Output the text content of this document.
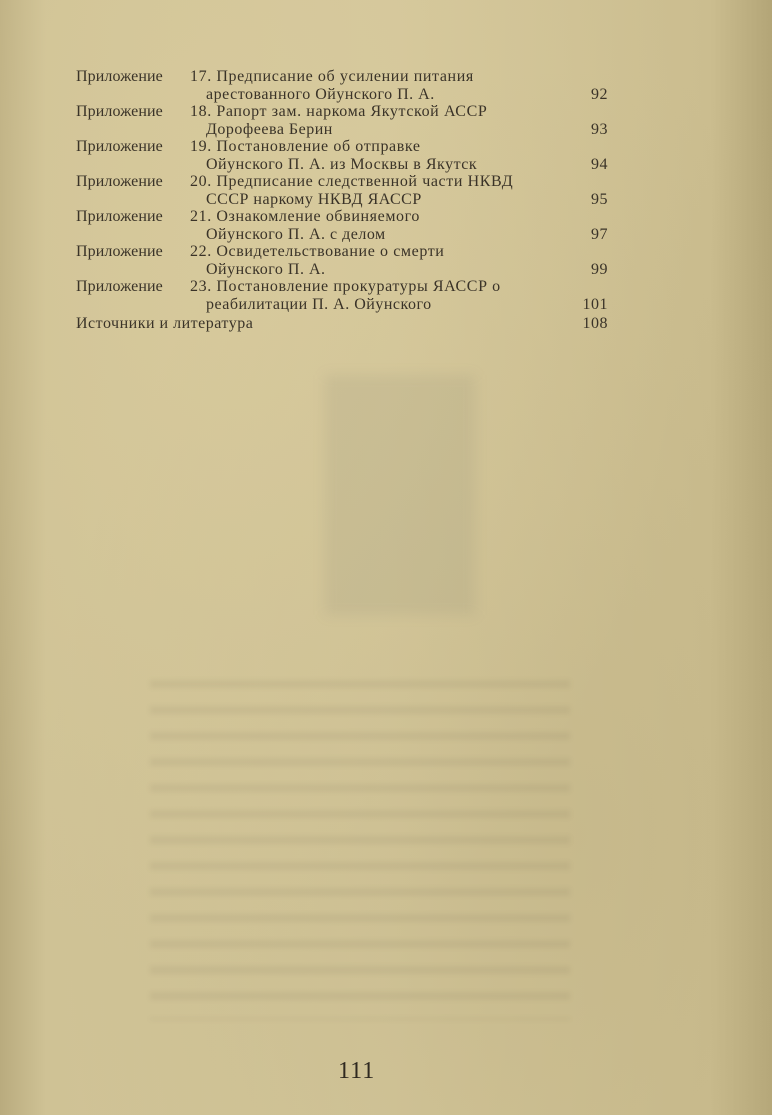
Приложение	17. Предписание об усилении питания
арестованного Ойунского П. А.	92
Приложение	18. Рапорт зам. наркома Якутской АССР
Дорофеева Берин	93
Приложение	19. Постановление об отправке
Ойунского П. А. из Москвы в Якутск	94
Приложение	20. Предписание следственной части НКВД
СССР наркому НКВД ЯАССР	95
Приложение	21. Ознакомление обвиняемого
Ойунского П. А. с делом	97
Приложение	22. Освидетельствование о смерти
Ойунского П. А.	99
Приложение	23. Постановление прокуратуры ЯАССР о
реабилитации П. А. Ойунского	101
Источники и литература	108
111
